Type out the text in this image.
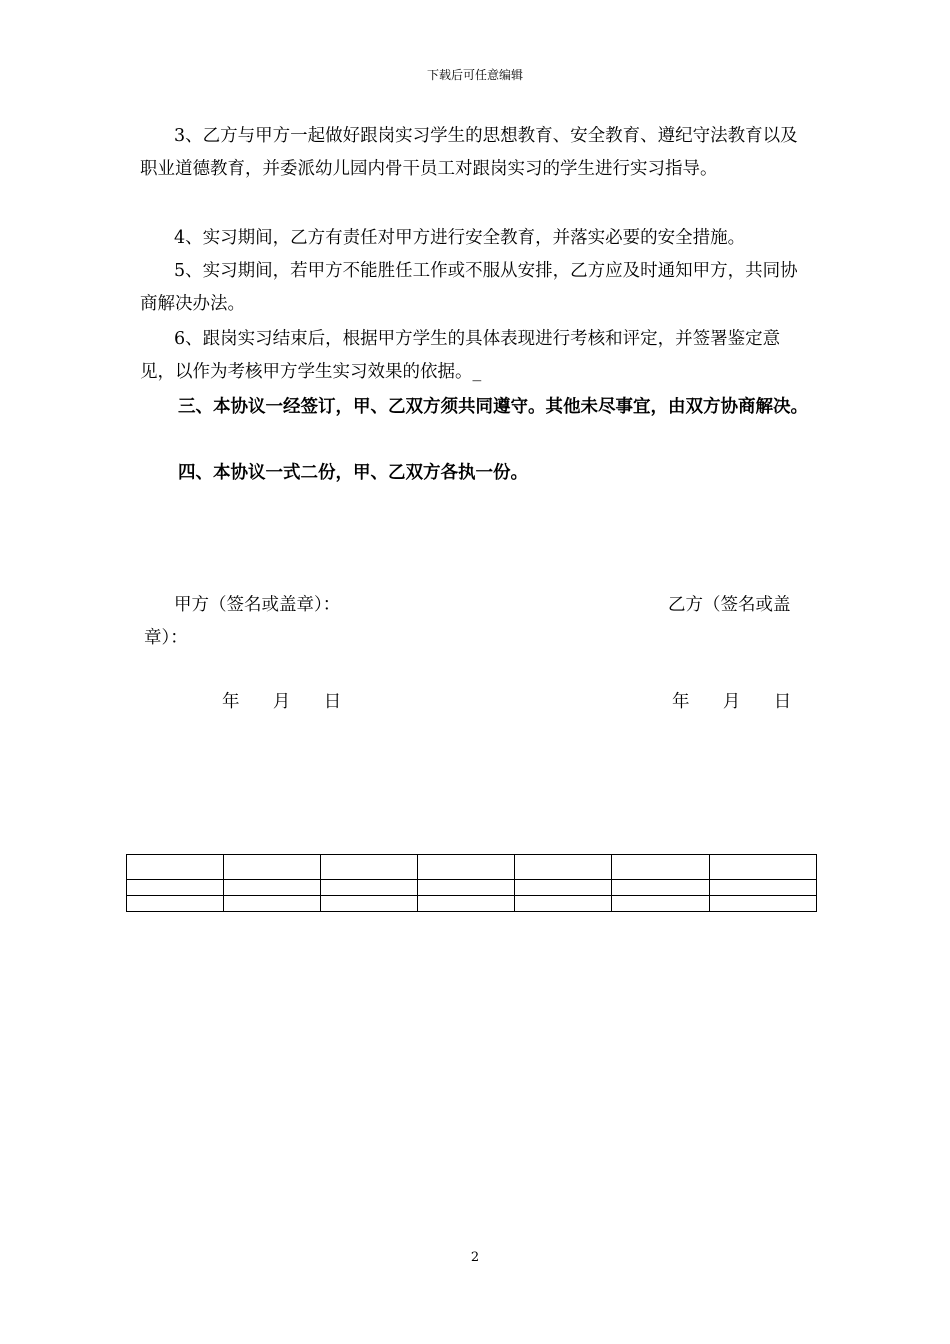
下载后可任意编辑

3、乙方与甲方一起做好跟岗实习学生的思想教育、安全教育、遵纪守法教育以及职业道德教育，并委派幼儿园内骨干员工对跟岗实习的学生进行实习指导。

4、实习期间，乙方有责任对甲方进行安全教育，并落实必要的安全措施。

5、实习期间，若甲方不能胜任工作或不服从安排，乙方应及时通知甲方，共同协商解决办法。

6、跟岗实习结束后，根据甲方学生的具体表现进行考核和评定，并签署鉴定意见，以作为考核甲方学生实习效果的依据。_

三、本协议一经签订，甲、乙双方须共同遵守。其他未尽事宜，由双方协商解决。

四、本协议一式二份，甲、乙双方各执一份。

甲方（签名或盖章）：	乙方（签名或盖
章）：
年      月      日	年      月      日

2
